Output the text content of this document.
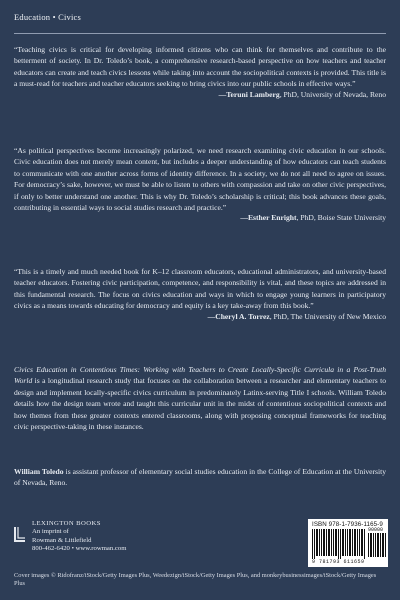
Education • Civics
“Teaching civics is critical for developing informed citizens who can think for themselves and contribute to the betterment of society. In Dr. Toledo’s book, a comprehensive research-based perspective on how teachers and teacher educators can create and teach civics lessons while taking into account the sociopolitical contexts is provided. This title is a must-read for teachers and teacher educators seeking to bring civics into our public schools in effective ways.”
—Teruni Lamberg, PhD, University of Nevada, Reno
“As political perspectives become increasingly polarized, we need research examining civic education in our schools. Civic education does not merely mean content, but includes a deeper understanding of how educators can teach students to communicate with one another across forms of identity difference. In a society, we do not all need to agree on issues. For democracy’s sake, however, we must be able to listen to others with compassion and take on other civic perspectives, if only to better understand one another. This is why Dr. Toledo’s scholarship is critical; this book advances these goals, contributing in essential ways to social studies research and practice.”
—Esther Enright, PhD, Boise State University
“This is a timely and much needed book for K–12 classroom educators, educational administrators, and university-based teacher educators. Fostering civic participation, competence, and responsibility is vital, and these topics are addressed in this fundamental research. The focus on civics education and ways in which to engage young learners in participatory civics as a means towards educating for democracy and equity is a key take-away from this book.”
—Cheryl A. Torrez, PhD, The University of New Mexico
Civics Education in Contentious Times: Working with Teachers to Create Locally-Specific Curricula in a Post-Truth World is a longitudinal research study that focuses on the collaboration between a researcher and elementary teachers to design and implement locally-specific civics curriculum in predominately Latinx-serving Title I schools. William Toledo details how the design team wrote and taught this curricular unit in the midst of contentious sociopolitical contexts and how themes from these greater contexts entered classrooms, along with proposing conceptual frameworks for teaching civic perspective-taking in these instances.
William Toledo is assistant professor of elementary social studies education in the College of Education at the University of Nevada, Reno.
LEXINGTON BOOKS
An imprint of
Rowman & Littlefield
800-462-6420 • www.rowman.com
ISBN 978-1-7936-1165-9
90000
9 781793 611659
Cover images © Ridofranz/iStock/Getty Images Plus, Weedezign/iStock/Getty Images Plus, and monkeybusinessimages/iStock/Getty Images Plus
